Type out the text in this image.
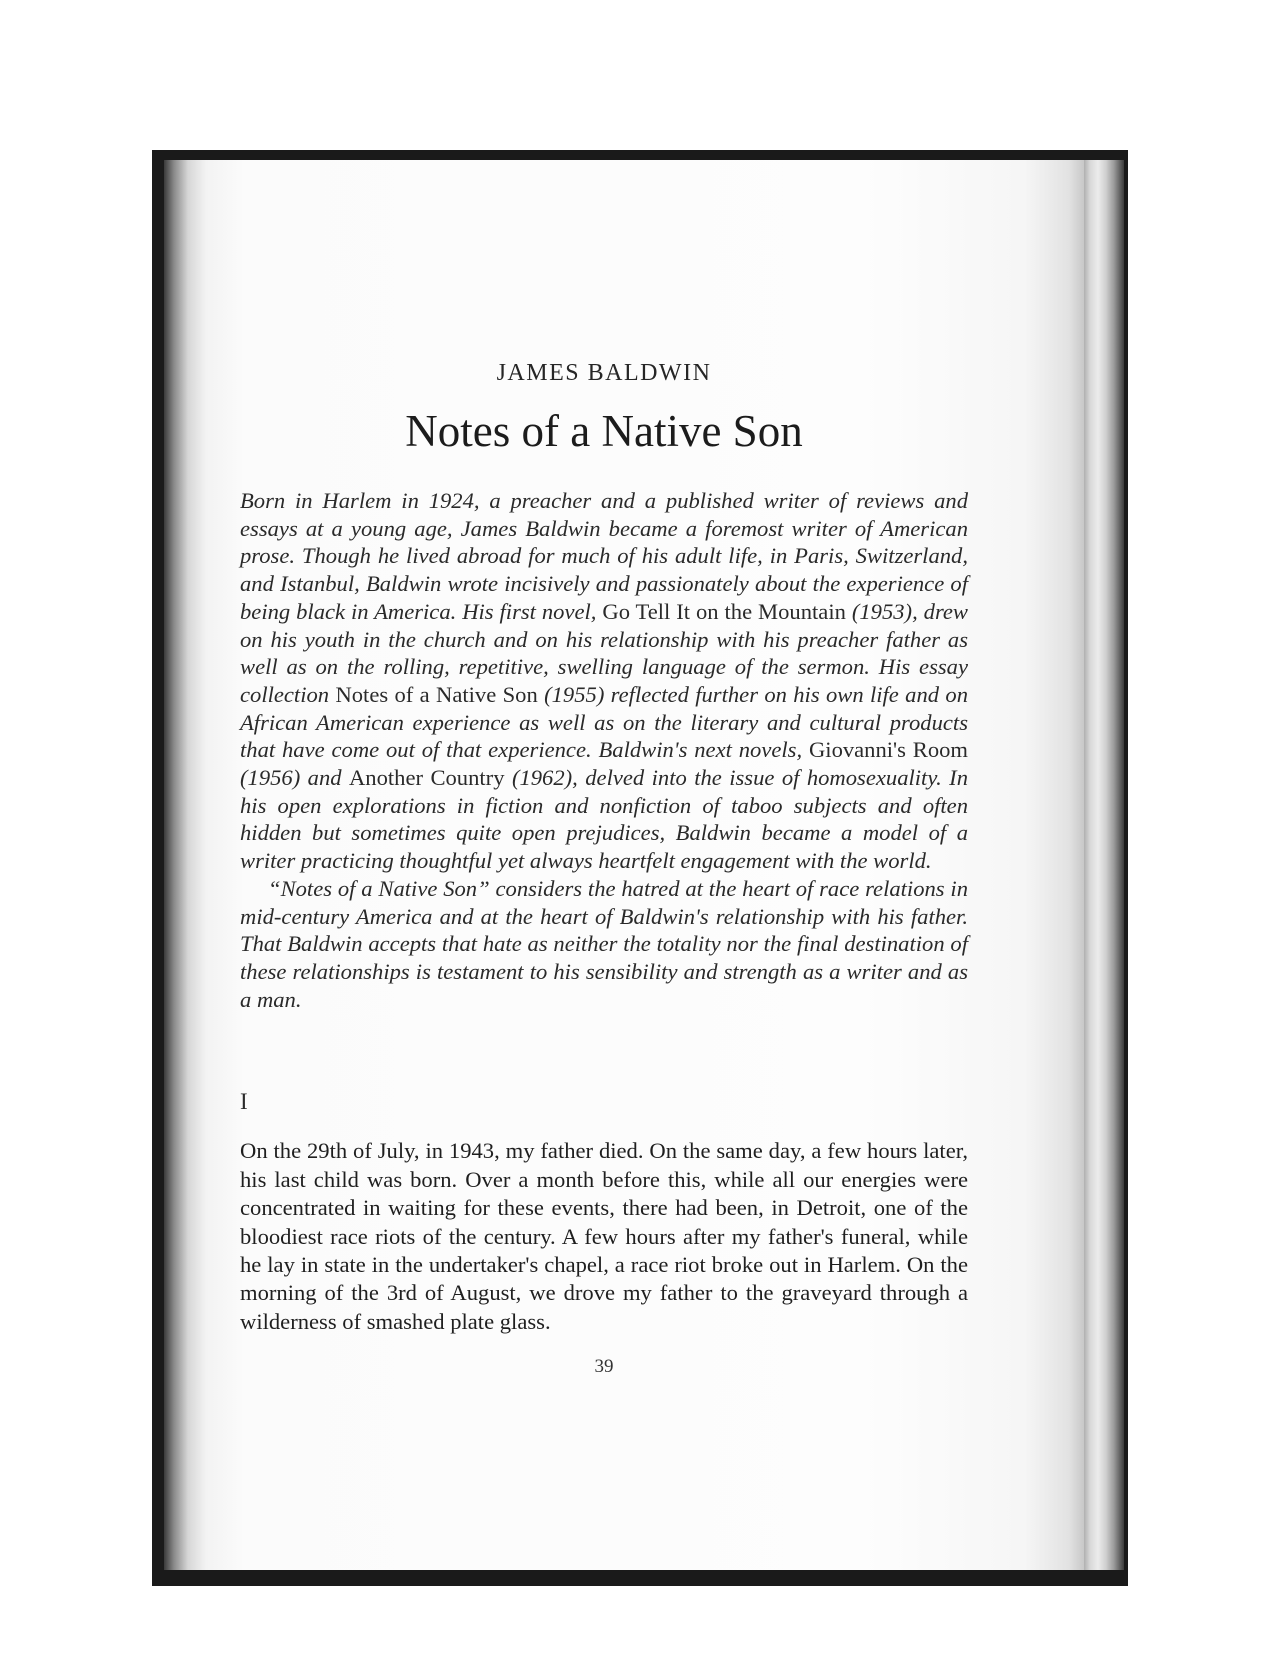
JAMES BALDWIN
Notes of a Native Son

Born in Harlem in 1924, a preacher and a published writer of reviews and essays at a young age, James Baldwin became a foremost writer of American prose. Though he lived abroad for much of his adult life, in Paris, Switzerland, and Istanbul, Baldwin wrote incisively and passionately about the experience of being black in America. His first novel, Go Tell It on the Mountain (1953), drew on his youth in the church and on his relationship with his preacher father as well as on the rolling, repetitive, swelling language of the sermon. His essay collection Notes of a Native Son (1955) reflected further on his own life and on African American experience as well as on the literary and cultural products that have come out of that experience. Baldwin's next novels, Giovanni's Room (1956) and Another Country (1962), delved into the issue of homosexuality. In his open explorations in fiction and nonfiction of taboo subjects and often hidden but sometimes quite open prejudices, Baldwin became a model of a writer practicing thoughtful yet always heartfelt engagement with the world.

“Notes of a Native Son” considers the hatred at the heart of race relations in mid-century America and at the heart of Baldwin's relationship with his father. That Baldwin accepts that hate as neither the totality nor the final destination of these relationships is testament to his sensibility and strength as a writer and as a man.

I

On the 29th of July, in 1943, my father died. On the same day, a few hours later, his last child was born. Over a month before this, while all our energies were concentrated in waiting for these events, there had been, in Detroit, one of the bloodiest race riots of the century. A few hours after my father's funeral, while he lay in state in the undertaker's chapel, a race riot broke out in Harlem. On the morning of the 3rd of August, we drove my father to the graveyard through a wilderness of smashed plate glass.

39
